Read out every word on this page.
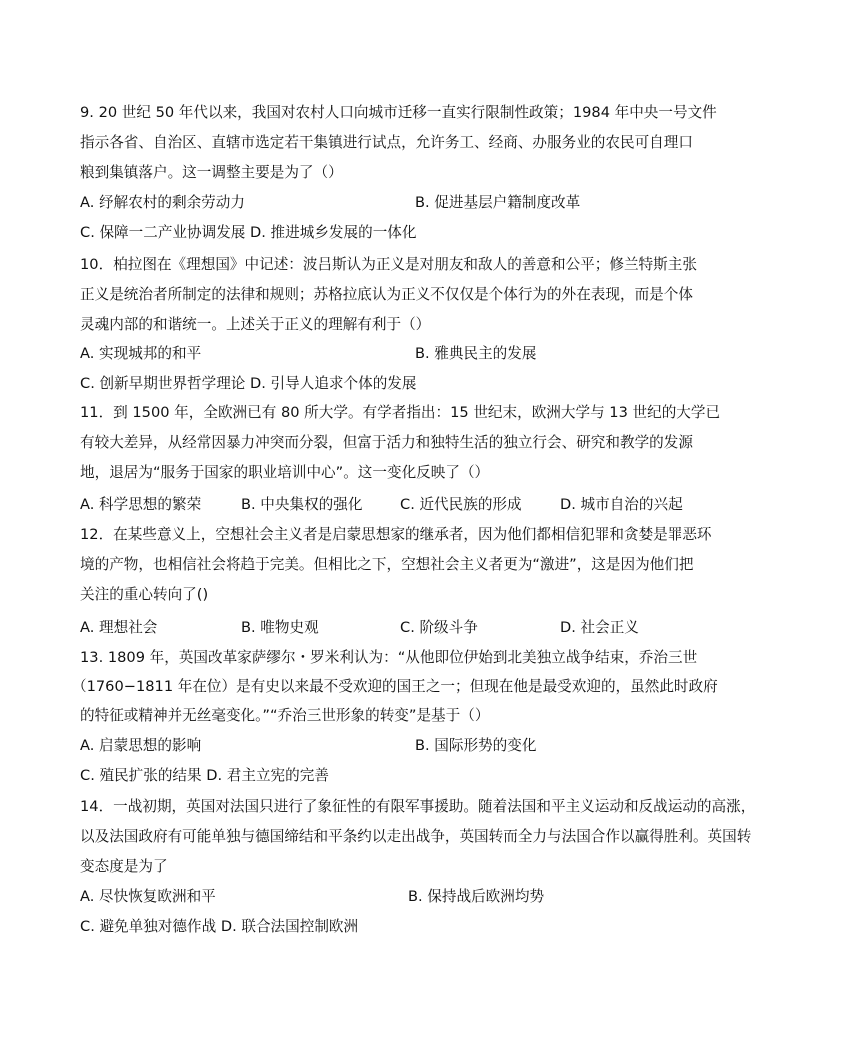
9. 20 世纪 50 年代以来，我国对农村人口向城市迁移一直实行限制性政策；1984 年中央一号文件
指示各省、自治区、直辖市选定若干集镇进行试点，允许务工、经商、办服务业的农民可自理口
粮到集镇落户。这一调整主要是为了（）
A. 纾解农村的剩余劳动力	B. 促进基层户籍制度改革
C. 保障一二产业协调发展 D. 推进城乡发展的一体化
10．柏拉图在《理想国》中记述：波吕斯认为正义是对朋友和敌人的善意和公平；修兰特斯主张
正义是统治者所制定的法律和规则；苏格拉底认为正义不仅仅是个体行为的外在表现，而是个体
灵魂内部的和谐统一。上述关于正义的理解有利于（）
A. 实现城邦的和平	B. 雅典民主的发展
C. 创新早期世界哲学理论 D. 引导人追求个体的发展
11．到 1500 年，全欧洲已有 80 所大学。有学者指出：15 世纪末，欧洲大学与 13 世纪的大学已
有较大差异，从经常因暴力冲突而分裂，但富于活力和独特生活的独立行会、研究和教学的发源
地，退居为“服务于国家的职业培训中心”。这一变化反映了（）
A. 科学思想的繁荣	B. 中央集权的强化	C. 近代民族的形成	D. 城市自治的兴起
12．在某些意义上，空想社会主义者是启蒙思想家的继承者，因为他们都相信犯罪和贪婪是罪恶环
境的产物，也相信社会将趋于完美。但相比之下，空想社会主义者更为“激进”，这是因为他们把
关注的重心转向了()
A. 理想社会	B. 唯物史观	C. 阶级斗争	D. 社会正义
13. 1809 年，英国改革家萨缪尔・罗米利认为：“从他即位伊始到北美独立战争结束，乔治三世
（1760−1811 年在位）是有史以来最不受欢迎的国王之一；但现在他是最受欢迎的，虽然此时政府
的特征或精神并无丝毫变化。”“乔治三世形象的转变”是基于（）
A. 启蒙思想的影响	B. 国际形势的变化
C. 殖民扩张的结果 D. 君主立宪的完善
14．一战初期，英国对法国只进行了象征性的有限军事援助。随着法国和平主义运动和反战运动的高涨，
以及法国政府有可能单独与德国缔结和平条约以走出战争，英国转而全力与法国合作以赢得胜利。英国转
变态度是为了
A. 尽快恢复欧洲和平	B. 保持战后欧洲均势
C. 避免单独对德作战 D. 联合法国控制欧洲
